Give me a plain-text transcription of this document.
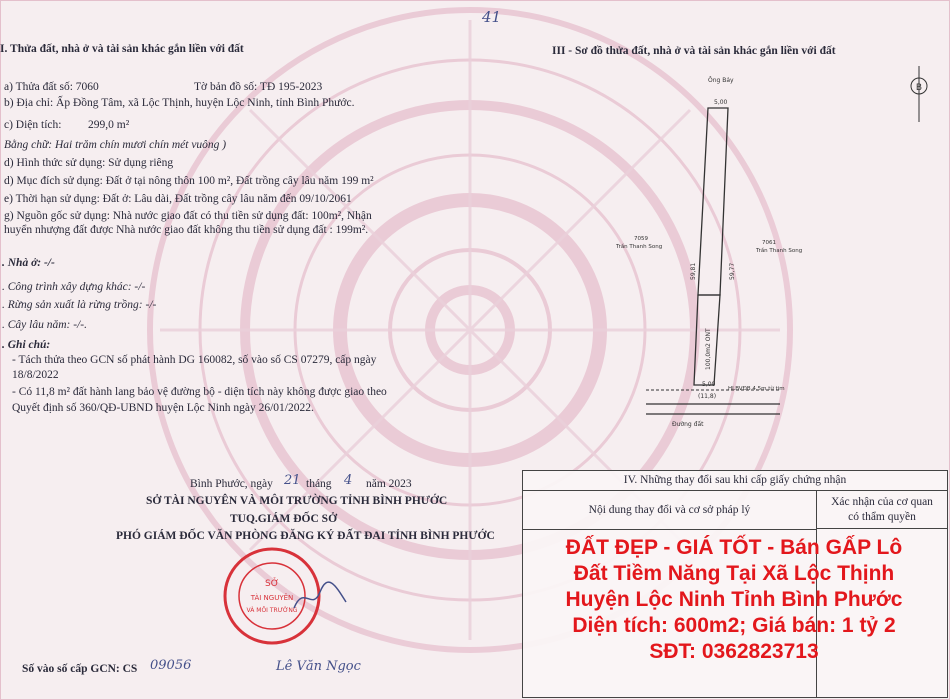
41
I. Thửa đất, nhà ở và tài sản khác gắn liền với đất
a) Thửa đất số: 7060	Tờ bản đồ số: TĐ 195-2023
b) Địa chỉ: Ấp Đồng Tâm, xã Lộc Thịnh, huyện Lộc Ninh, tỉnh Bình Phước.
c) Diện tích: 299,0 m²
Bằng chữ: Hai trăm chín mươi chín mét vuông )
d) Hình thức sử dụng: Sử dụng riêng
d) Mục đích sử dụng: Đất ở tại nông thôn 100 m², Đất trồng cây lâu năm 199 m²
e) Thời hạn sử dụng: Đất ở: Lâu dài, Đất trồng cây lâu năm đến 09/10/2061
g) Nguồn gốc sử dụng: Nhà nước giao đất có thu tiền sử dụng đất: 100m², Nhận
huyển nhượng đất được Nhà nước giao đất không thu tiền sử dụng đất : 199m².
. Nhà ở: -/-
. Công trình xây dựng khác: -/-
. Rừng sản xuất là rừng trồng: -/-
. Cây lâu năm: -/-.
. Ghi chú:
- Tách thửa theo GCN số phát hành DG 160082, số vào số CS 07279, cấp ngày
18/8/2022
- Có 11,8 m² đất hành lang bảo vệ đường bộ - diện tích này không được giao theo
Quyết định số 360/QĐ-UBND huyện Lộc Ninh ngày 26/01/2022.
Bình Phước, ngày 21 tháng 4 năm 2023
SỞ TÀI NGUYÊN VÀ MÔI TRƯỜNG TỈNH BÌNH PHƯỚC
TUQ.GIÁM ĐỐC SỞ
PHÓ GIÁM ĐỐC VĂN PHÒNG ĐĂNG KÝ ĐẤT ĐAI TỈNH BÌNH PHƯỚC
SỞ
TÀI NGUYÊN
VÀ MÔI TRƯỜNG
Lê Văn Ngọc
Số vào số cấp GCN: CS 09056
III - Sơ đồ thửa đất, nhà ở và tài sản khác gắn liền với đất
B
Ông Bảy
5,00
59,81	59,77
100,0m2 ONT
7059
Trần Thanh Song
7061
Trần Thanh Song
5,00
HLBVĐB 4,5m từ tim
(11,8)
Đường đất
IV. Những thay đổi sau khi cấp giấy chứng nhận
Nội dung thay đổi và cơ sở pháp lý
Xác nhận của cơ quan
có thẩm quyền
ĐẤT ĐẸP - GIÁ TỐT - Bán GẤP Lô
Đất Tiềm Năng Tại Xã Lộc Thịnh
Huyện Lộc Ninh Tỉnh Bình Phước
Diện tích: 600m2; Giá bán: 1 tỷ 2
SĐT: 0362823713
